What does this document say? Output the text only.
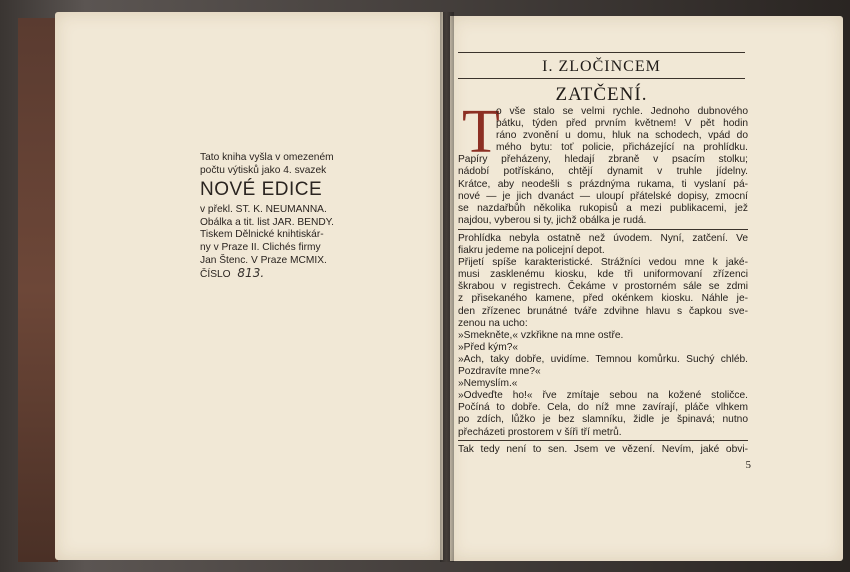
Tato kniha vyšla v omezeném
počtu výtisků jako 4. svazek
NOVÉ EDICE
v překl. ST. K. NEUMANNA.
Obálka a tit. list JAR. BENDY.
Tiskem Dělnické knihtiskár-
ny v Praze II. Clichés firmy
Jan Štenc. V Praze MCMIX.
ČÍSLO 813.
I. ZLOČINCEM
ZATČENÍ.
T
o vše stalo se velmi rychle. Jednoho dubnového
pátku, týden před prvním květnem! V pět hodin
ráno zvonění u domu, hluk na schodech, vpád do
mého bytu: toť policie, přicházející na prohlídku.
Papíry přeházeny, hledají zbraně v psacím stolku;
nádobí potřískáno, chtějí dynamit v truhle jídelny.
Krátce, aby neodešli s prázdnýma rukama, ti vyslaní pá-
nové — je jich dvanáct — uloupí přátelské dopisy, zmocní
se nazdařbůh několika rukopisů a mezi publikacemi, jež
najdou, vyberou si ty, jichž obálka je rudá.
Prohlídka nebyla ostatně než úvodem. Nyní, zatčení. Ve
fiakru jedeme na policejní depot.
Přijetí spíše karakteristické. Strážníci vedou mne k jaké-
musi zasklenému kiosku, kde tři uniformovaní zřízenci
škrabou v registrech. Čekáme v prostorném sále se zdmi
z přisekaného kamene, před okénkem kiosku. Náhle je-
den zřízenec brunátné tváře zdvihne hlavu s čapkou sve-
zenou na ucho:
»Smekněte,« vzkřikne na mne ostře.
»Před kým?«
»Ach, taky dobře, uvidíme. Temnou komůrku. Suchý chléb.
Pozdravíte mne?«
»Nemyslím.«
»Odveďte ho!« řve zmítaje sebou na kožené stoličce.
Počíná to dobře. Cela, do níž mne zavírají, pláče vlhkem
po zdích, lůžko je bez slamníku, židle je špinavá; nutno
přecházeti prostorem v šíři tří metrů.
Tak tedy není to sen. Jsem ve vězení. Nevím, jaké obvi-
5
